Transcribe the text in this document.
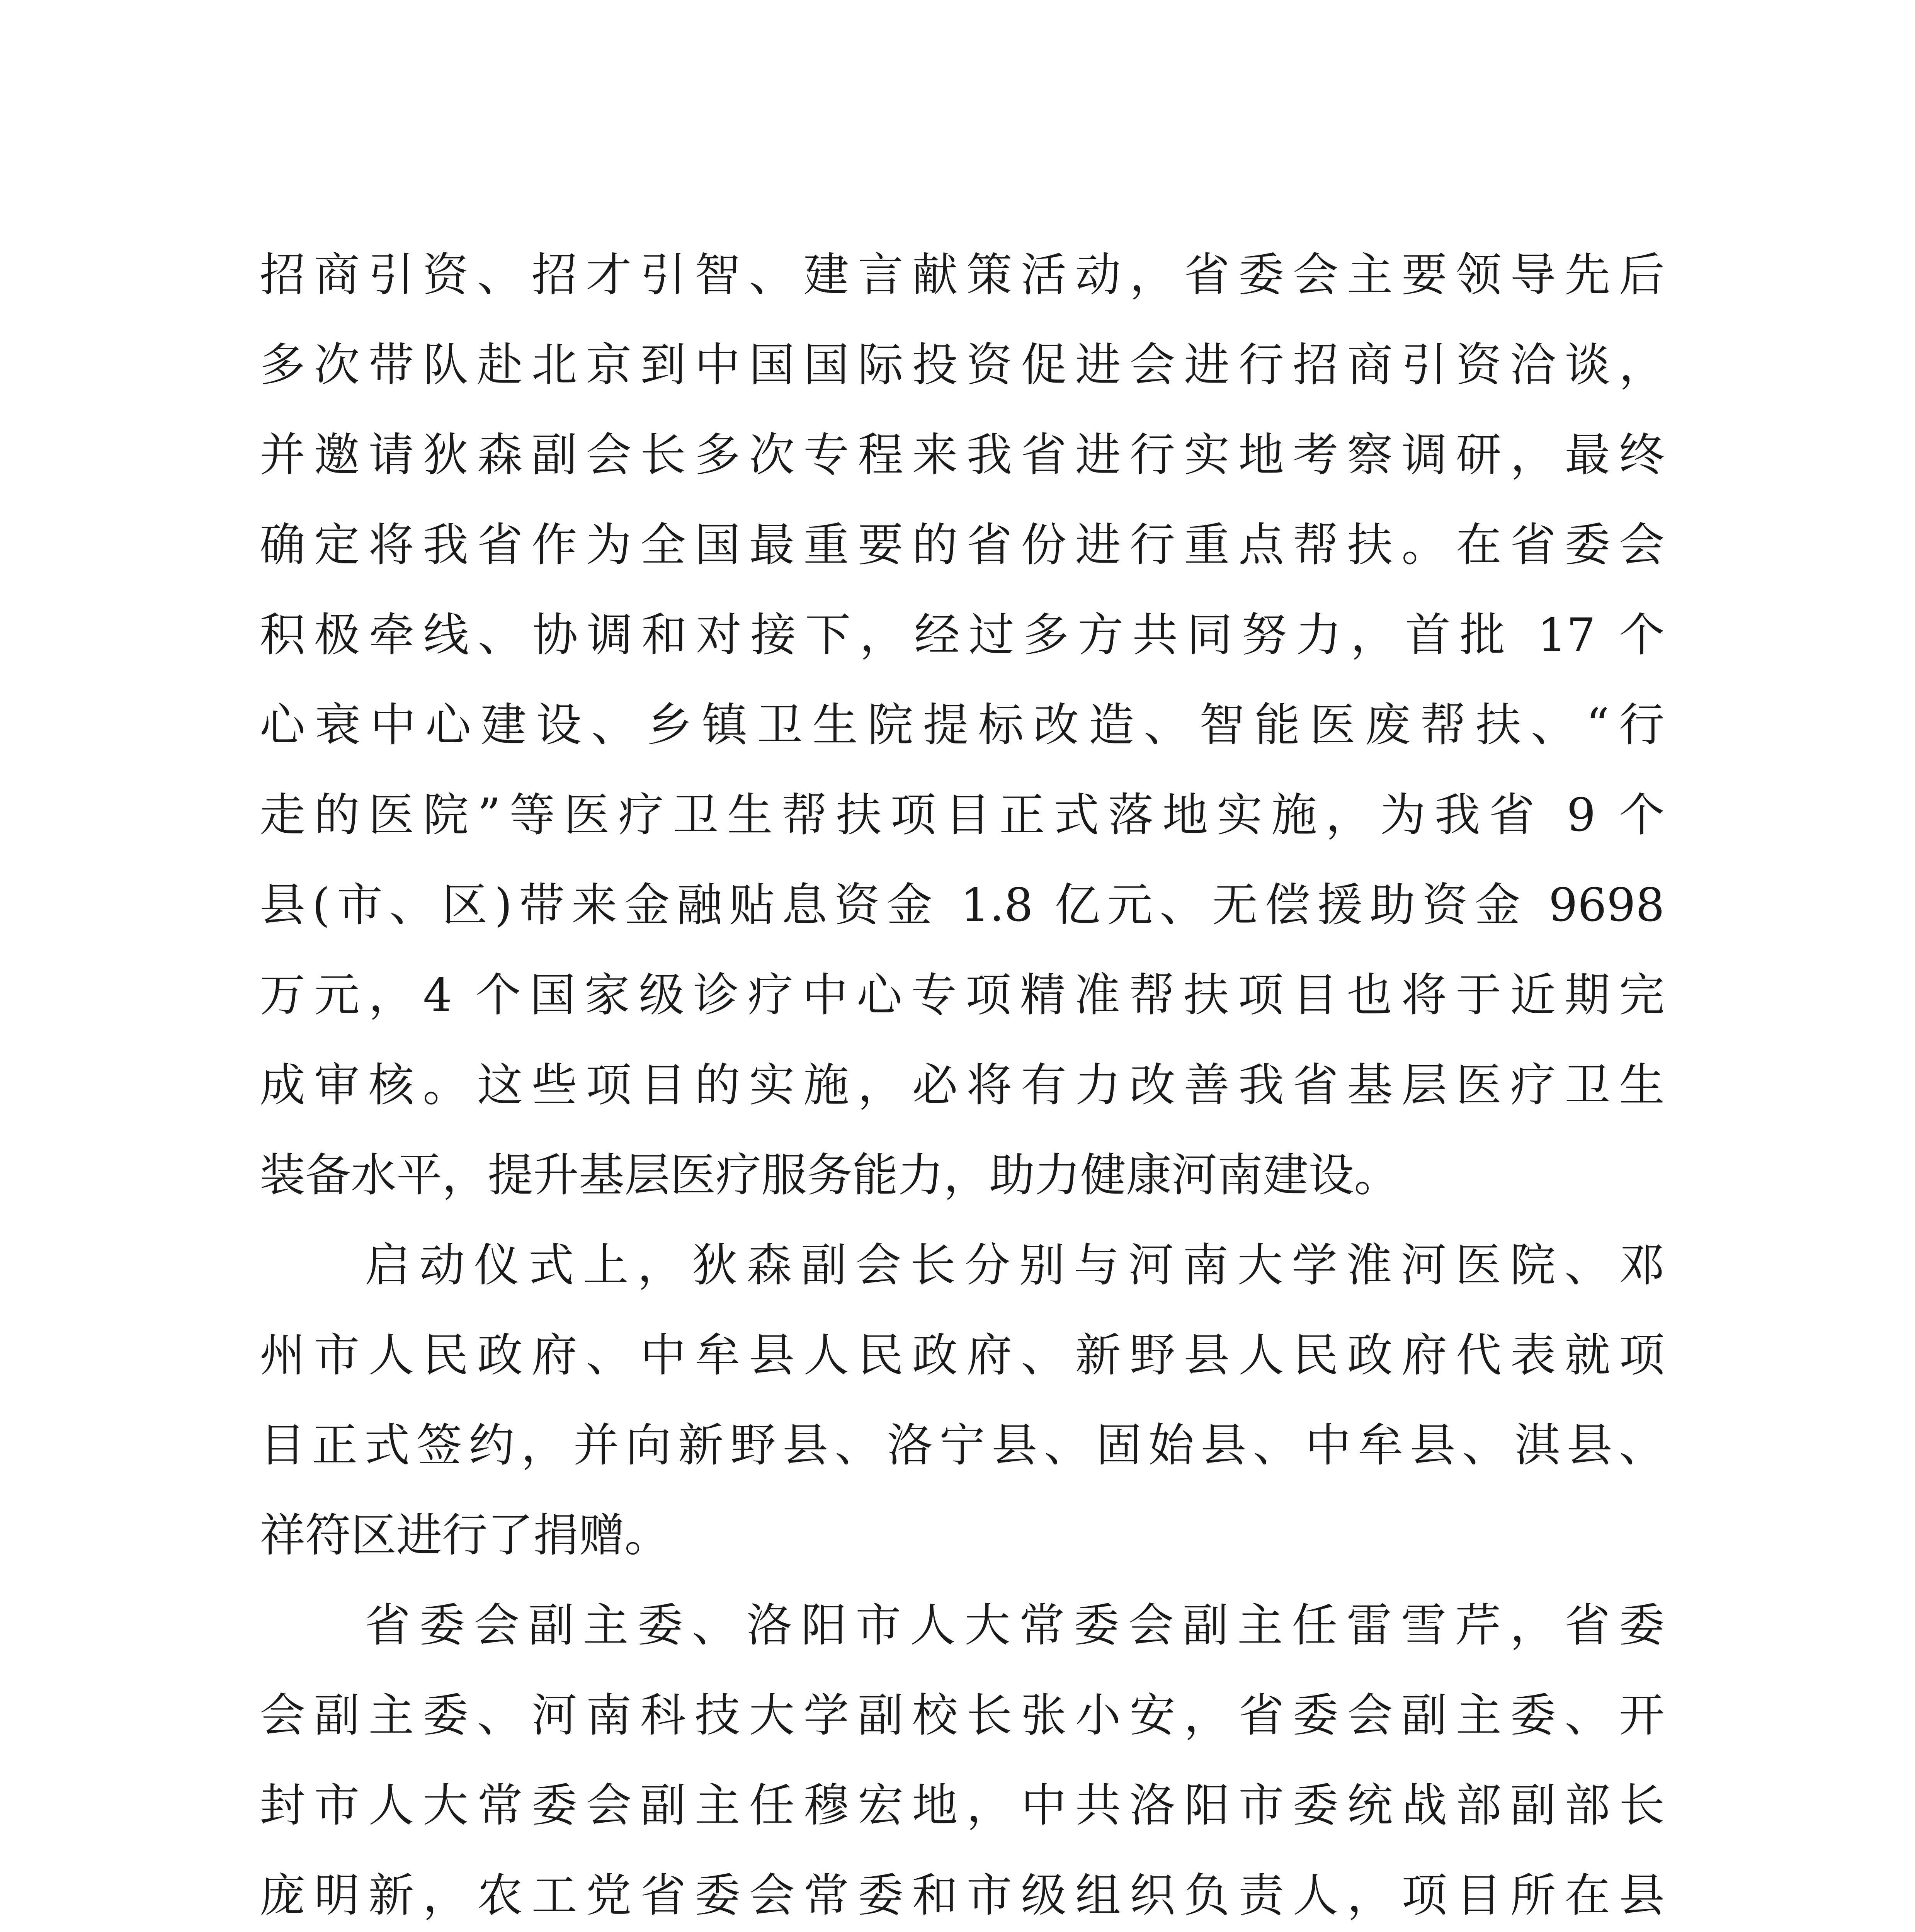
招商引资、招才引智、建言献策活动，省委会主要领导先后
多次带队赴北京到中国国际投资促进会进行招商引资洽谈，
并邀请狄森副会长多次专程来我省进行实地考察调研，最终
确定将我省作为全国最重要的省份进行重点帮扶。在省委会
积极牵线、协调和对接下，经过多方共同努力，首批 17 个
心衰中心建设、乡镇卫生院提标改造、智能医废帮扶、“行
走的医院”等医疗卫生帮扶项目正式落地实施，为我省 9 个
县(市、区)带来金融贴息资金 1.8 亿元、无偿援助资金 9698
万元，4 个国家级诊疗中心专项精准帮扶项目也将于近期完
成审核。这些项目的实施，必将有力改善我省基层医疗卫生
装备水平，提升基层医疗服务能力，助力健康河南建设。
启动仪式上，狄森副会长分别与河南大学淮河医院、邓
州市人民政府、中牟县人民政府、新野县人民政府代表就项
目正式签约，并向新野县、洛宁县、固始县、中牟县、淇县、
祥符区进行了捐赠。
省委会副主委、洛阳市人大常委会副主任雷雪芹，省委
会副主委、河南科技大学副校长张小安，省委会副主委、开
封市人大常委会副主任穆宏地，中共洛阳市委统战部副部长
庞明新，农工党省委会常委和市级组织负责人，项目所在县
